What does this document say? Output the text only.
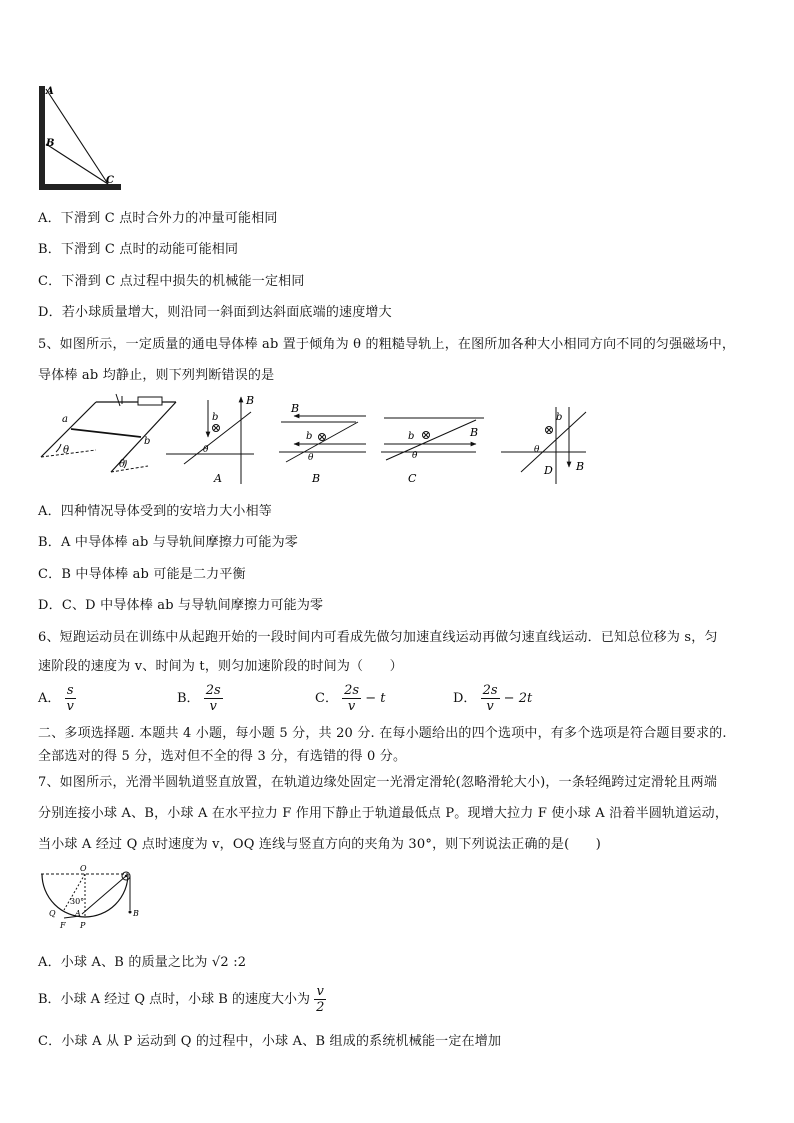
A
B
C
A．下滑到 C 点时合外力的冲量可能相同
B．下滑到 C 点时的动能可能相同
C．下滑到 C 点过程中损失的机械能一定相同
D．若小球质量增大，则沿同一斜面到达斜面底端的速度增大
5、如图所示，一定质量的通电导体棒 ab 置于倾角为 θ 的粗糙导轨上，在图所加各种大小相同方向不同的匀强磁场中，
导体棒 ab 均静止，则下列判断错误的是
a
b
θ
θ
b
θ
B
A
B
b
θ
B
b	B
θ
C
b
θ
B
D
A．四种情况导体受到的安培力大小相等
B．A 中导体棒 ab 与导轨间摩擦力可能为零
C．B 中导体棒 ab 可能是二力平衡
D．C、D 中导体棒 ab 与导轨间摩擦力可能为零
6、短跑运动员在训练中从起跑开始的一段时间内可看成先做匀加速直线运动再做匀速直线运动．已知总位移为 s，匀
速阶段的速度为 v、时间为 t，则匀加速阶段的时间为（　　）
A． $\frac{s}{v}$	B． $\frac{2s}{v}$	C． $\frac{2s}{v} - t$	D． $\frac{2s}{v} - 2t$
二、多项选择题. 本题共 4 小题，每小题 5 分，共 20 分. 在每小题给出的四个选项中，有多个选项是符合题目要求的.
全部选对的得 5 分，选对但不全的得 3 分，有选错的得 0 分。
7、如图所示，光滑半圆轨道竖直放置，在轨道边缘处固定一光滑定滑轮(忽略滑轮大小)，一条轻绳跨过定滑轮且两端
分别连接小球 A、B，小球 A 在水平拉力 F 作用下静止于轨道最低点 P。现增大拉力 F 使小球 A 沿着半圆轨道运动，
当小球 A 经过 Q 点时速度为 v，OQ 连线与竖直方向的夹角为 30°，则下列说法正确的是(　　)
O
30°
Q A
F P
B
A．小球 A、B 的质量之比为 √2 :2
B．小球 A 经过 Q 点时，小球 B 的速度大小为 $\frac{v}{2}$
C．小球 A 从 P 运动到 Q 的过程中，小球 A、B 组成的系统机械能一定在增加
